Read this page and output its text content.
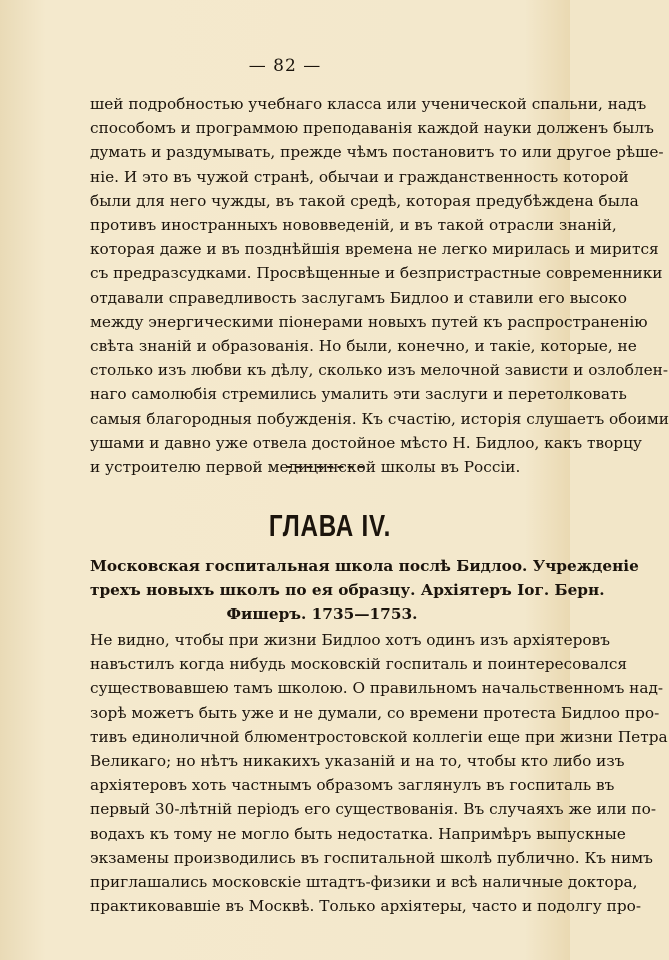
— 82 —

шей подробностью учебнаго класса или ученической спальни, надъ
способомъ и программою преподаванія каждой науки долженъ былъ
думать и раздумывать, прежде чѣмъ постановитъ то или другое рѣше-
ніе. И это въ чужой странѣ, обычаи и гражданственность которой
были для него чужды, въ такой средѣ, которая предубѣждена была
противъ иностранныхъ нововведеній, и въ такой отрасли знаній,
которая даже и въ позднѣйшія времена не легко мирилась и мирится
съ предразсудками. Просвѣщенные и безпристрастные современники
отдавали справедливость заслугамъ Бидлоо и ставили его высоко
между энергическими піонерами новыхъ путей къ распространенію
свѣта знаній и образованія. Но были, конечно, и такіе, которые, не
столько изъ любви къ дѣлу, сколько изъ мелочной зависти и озлоблен-
наго самолюбія стремились умалить эти заслуги и перетолковать
самыя благородныя побужденія. Къ счастію, исторія слушаетъ обоими
ушами и давно уже отвела достойное мѣсто Н. Бидлоо, какъ творцу
и устроителю первой медицинской школы въ Россіи.

ГЛАВА IV.
Московская госпитальная школа послѣ Бидлоо. Учрежденіе
трехъ новыхъ школъ по ея образцу. Архіятеръ Іог. Берн.
Фишеръ. 1735—1753.

Не видно, чтобы при жизни Бидлоо хотъ одинъ изъ архіятеровъ
навъстилъ когда нибудь московскій госпиталь и поинтересовался
существовавшею тамъ школою. О правильномъ начальственномъ над-
зорѣ можетъ быть уже и не думали, со времени протеста Бидлоо про-
тивъ единоличной блюментростовской коллегіи еще при жизни Петра
Великаго; но нѣтъ никакихъ указаній и на то, чтобы кто либо изъ
архіятеровъ хоть частнымъ образомъ заглянулъ въ госпиталь въ
первый 30-лѣтній періодъ его существованія. Въ случаяхъ же или по-
водахъ къ тому не могло быть недостатка. Напримѣръ выпускные
экзамены производились въ госпитальной школѣ публично. Къ нимъ
приглашались московскіе штадтъ-физики и всѣ наличные доктора,
практиковавшіе въ Москвѣ. Только архіятеры, часто и подолгу про-
